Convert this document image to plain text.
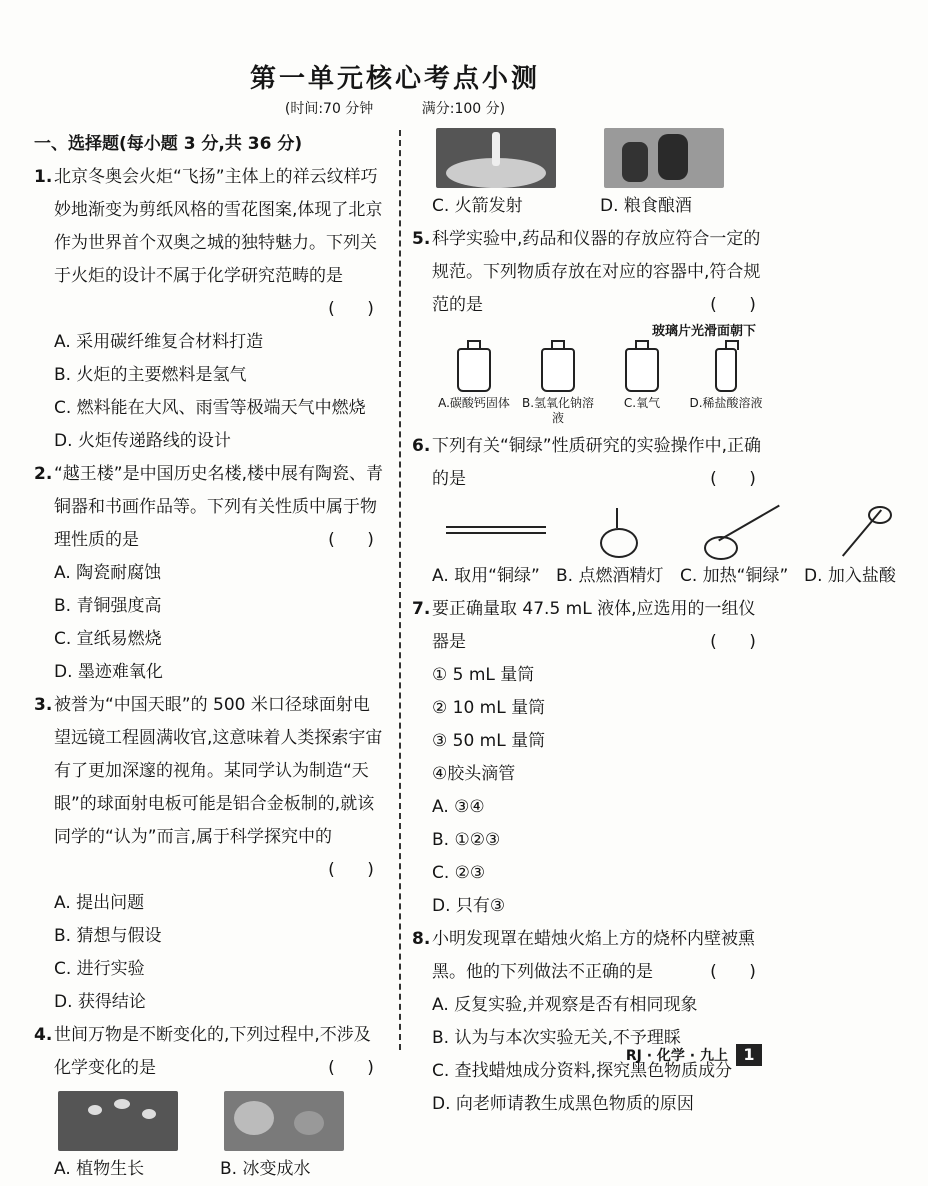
第一单元核心考点小测
(时间:70 分钟	满分:100 分)
一、选择题(每小题 3 分,共 36 分)
1. 北京冬奥会火炬“飞扬”主体上的祥云纹样巧妙地渐变为剪纸风格的雪花图案,体现了北京作为世界首个双奥之城的独特魅力。下列关于火炬的设计不属于化学研究范畴的是
(      )
A. 采用碳纤维复合材料打造
B. 火炬的主要燃料是氢气
C. 燃料能在大风、雨雪等极端天气中燃烧
D. 火炬传递路线的设计
2. “越王楼”是中国历史名楼,楼中展有陶瓷、青铜器和书画作品等。下列有关性质中属于物理性质的是
(      )
A. 陶瓷耐腐蚀
B. 青铜强度高
C. 宣纸易燃烧
D. 墨迹难氧化
3. 被誉为“中国天眼”的 500 米口径球面射电望远镜工程圆满收官,这意味着人类探索宇宙有了更加深邃的视角。某同学认为制造“天眼”的球面射电板可能是铝合金板制的,就该同学的“认为”而言,属于科学探究中的
(      )
A. 提出问题
B. 猜想与假设
C. 进行实验
D. 获得结论
4. 世间万物是不断变化的,下列过程中,不涉及化学变化的是
(      )
A. 植物生长	B. 冰变成水
C. 火箭发射	D. 粮食酿酒
5. 科学实验中,药品和仪器的存放应符合一定的规范。下列物质存放在对应的容器中,符合规范的是
(      )
玻璃片光滑面朝下
A.碳酸钙固体	B.氢氧化钠溶液
C.氧气	D.稀盐酸溶液
6. 下列有关“铜绿”性质研究的实验操作中,正确的是
(      )
A. 取用“铜绿” B. 点燃酒精灯 C. 加热“铜绿” D. 加入盐酸
7. 要正确量取 47.5 mL 液体,应选用的一组仪器是
(      )
① 5 mL 量筒
② 10 mL 量筒
③ 50 mL 量筒
④胶头滴管
A. ③④
B. ①②③
C. ②③
D. 只有③
8. 小明发现罩在蜡烛火焰上方的烧杯内壁被熏黑。他的下列做法不正确的是
(      )
A. 反复实验,并观察是否有相同现象
B. 认为与本次实验无关,不予理睬
C. 查找蜡烛成分资料,探究黑色物质成分
D. 向老师请教生成黑色物质的原因
RJ · 化学 · 九上 1
